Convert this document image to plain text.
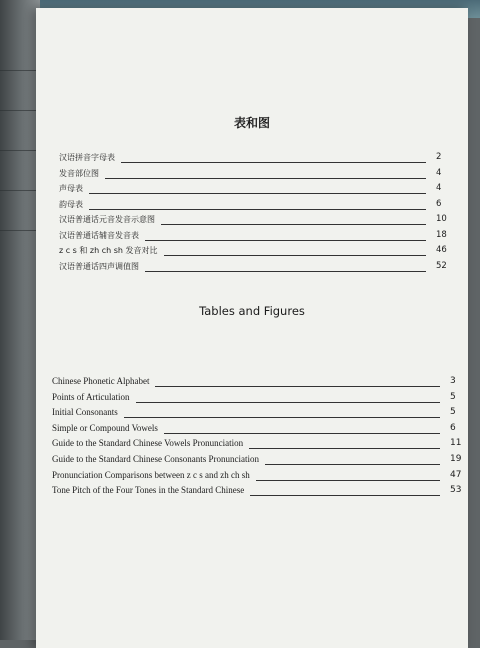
表和图
汉语拼音字母表	2
发音部位图	4
声母表	4
韵母表	6
汉语普通话元音发音示意图	10
汉语普通话辅音发音表	18
z c s 和 zh ch sh 发音对比	46
汉语普通话四声调值图	52
Tables and Figures
Chinese Phonetic Alphabet	3
Points of Articulation	5
Initial Consonants	5
Simple or Compound Vowels	6
Guide to the Standard Chinese Vowels Pronunciation	11
Guide to the Standard Chinese Consonants Pronunciation	19
Pronunciation Comparisons between z c s and zh ch sh	47
Tone Pitch of the Four Tones in the Standard Chinese	53
